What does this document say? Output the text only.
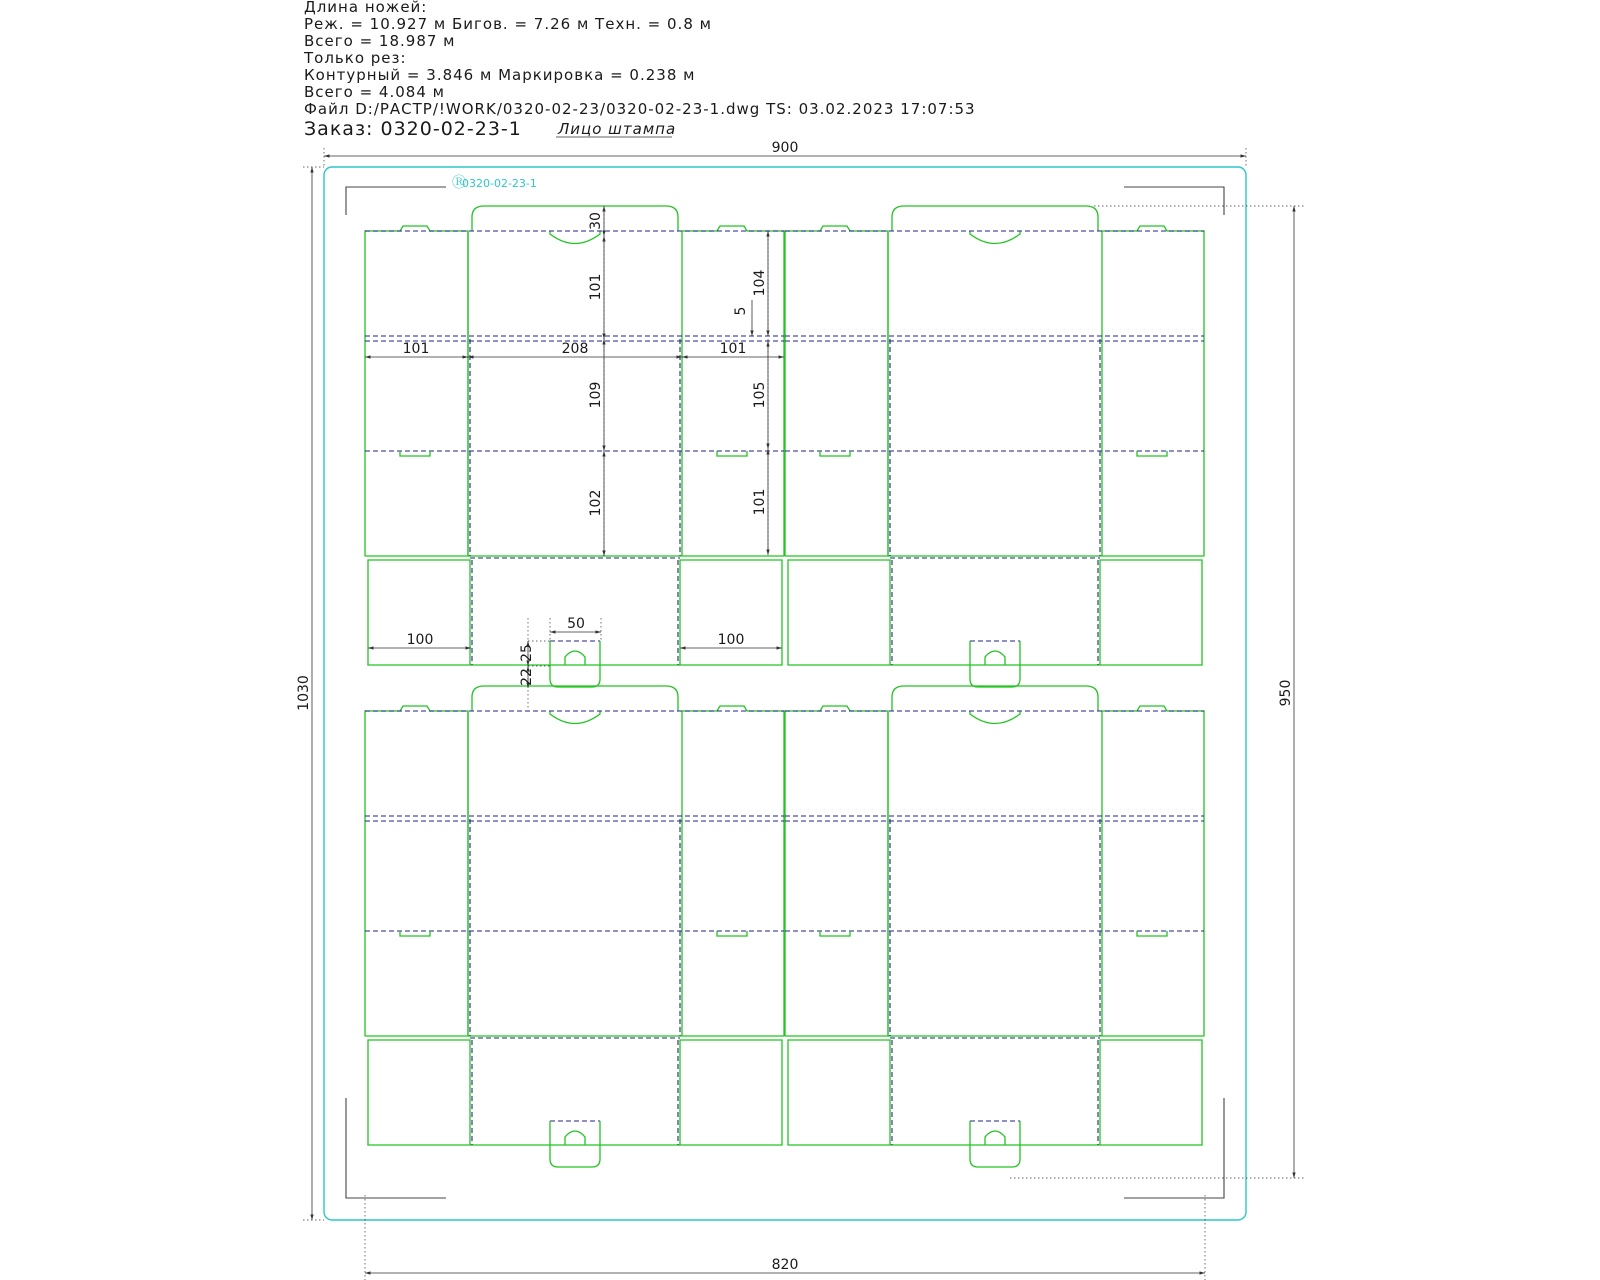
Длина ножей:
Реж. = 10.927 м Бигов. = 7.26 м Техн. = 0.8 м
Всего = 18.987 м
Только рез:
Контурный = 3.846 м Маркировка = 0.238 м
Всего = 4.084 м
Файл D:/РАСТР/!WORK/0320-02-23/0320-02-23-1.dwg TS: 03.02.2023 17:07:53
Заказ: 0320-02-23-1 Лицо штампа
0320-02-23-1
Ⓡ
900
820
1030	950
30
101
109
102
104
5
105
101
101	208	101
100	100
50
25
22
